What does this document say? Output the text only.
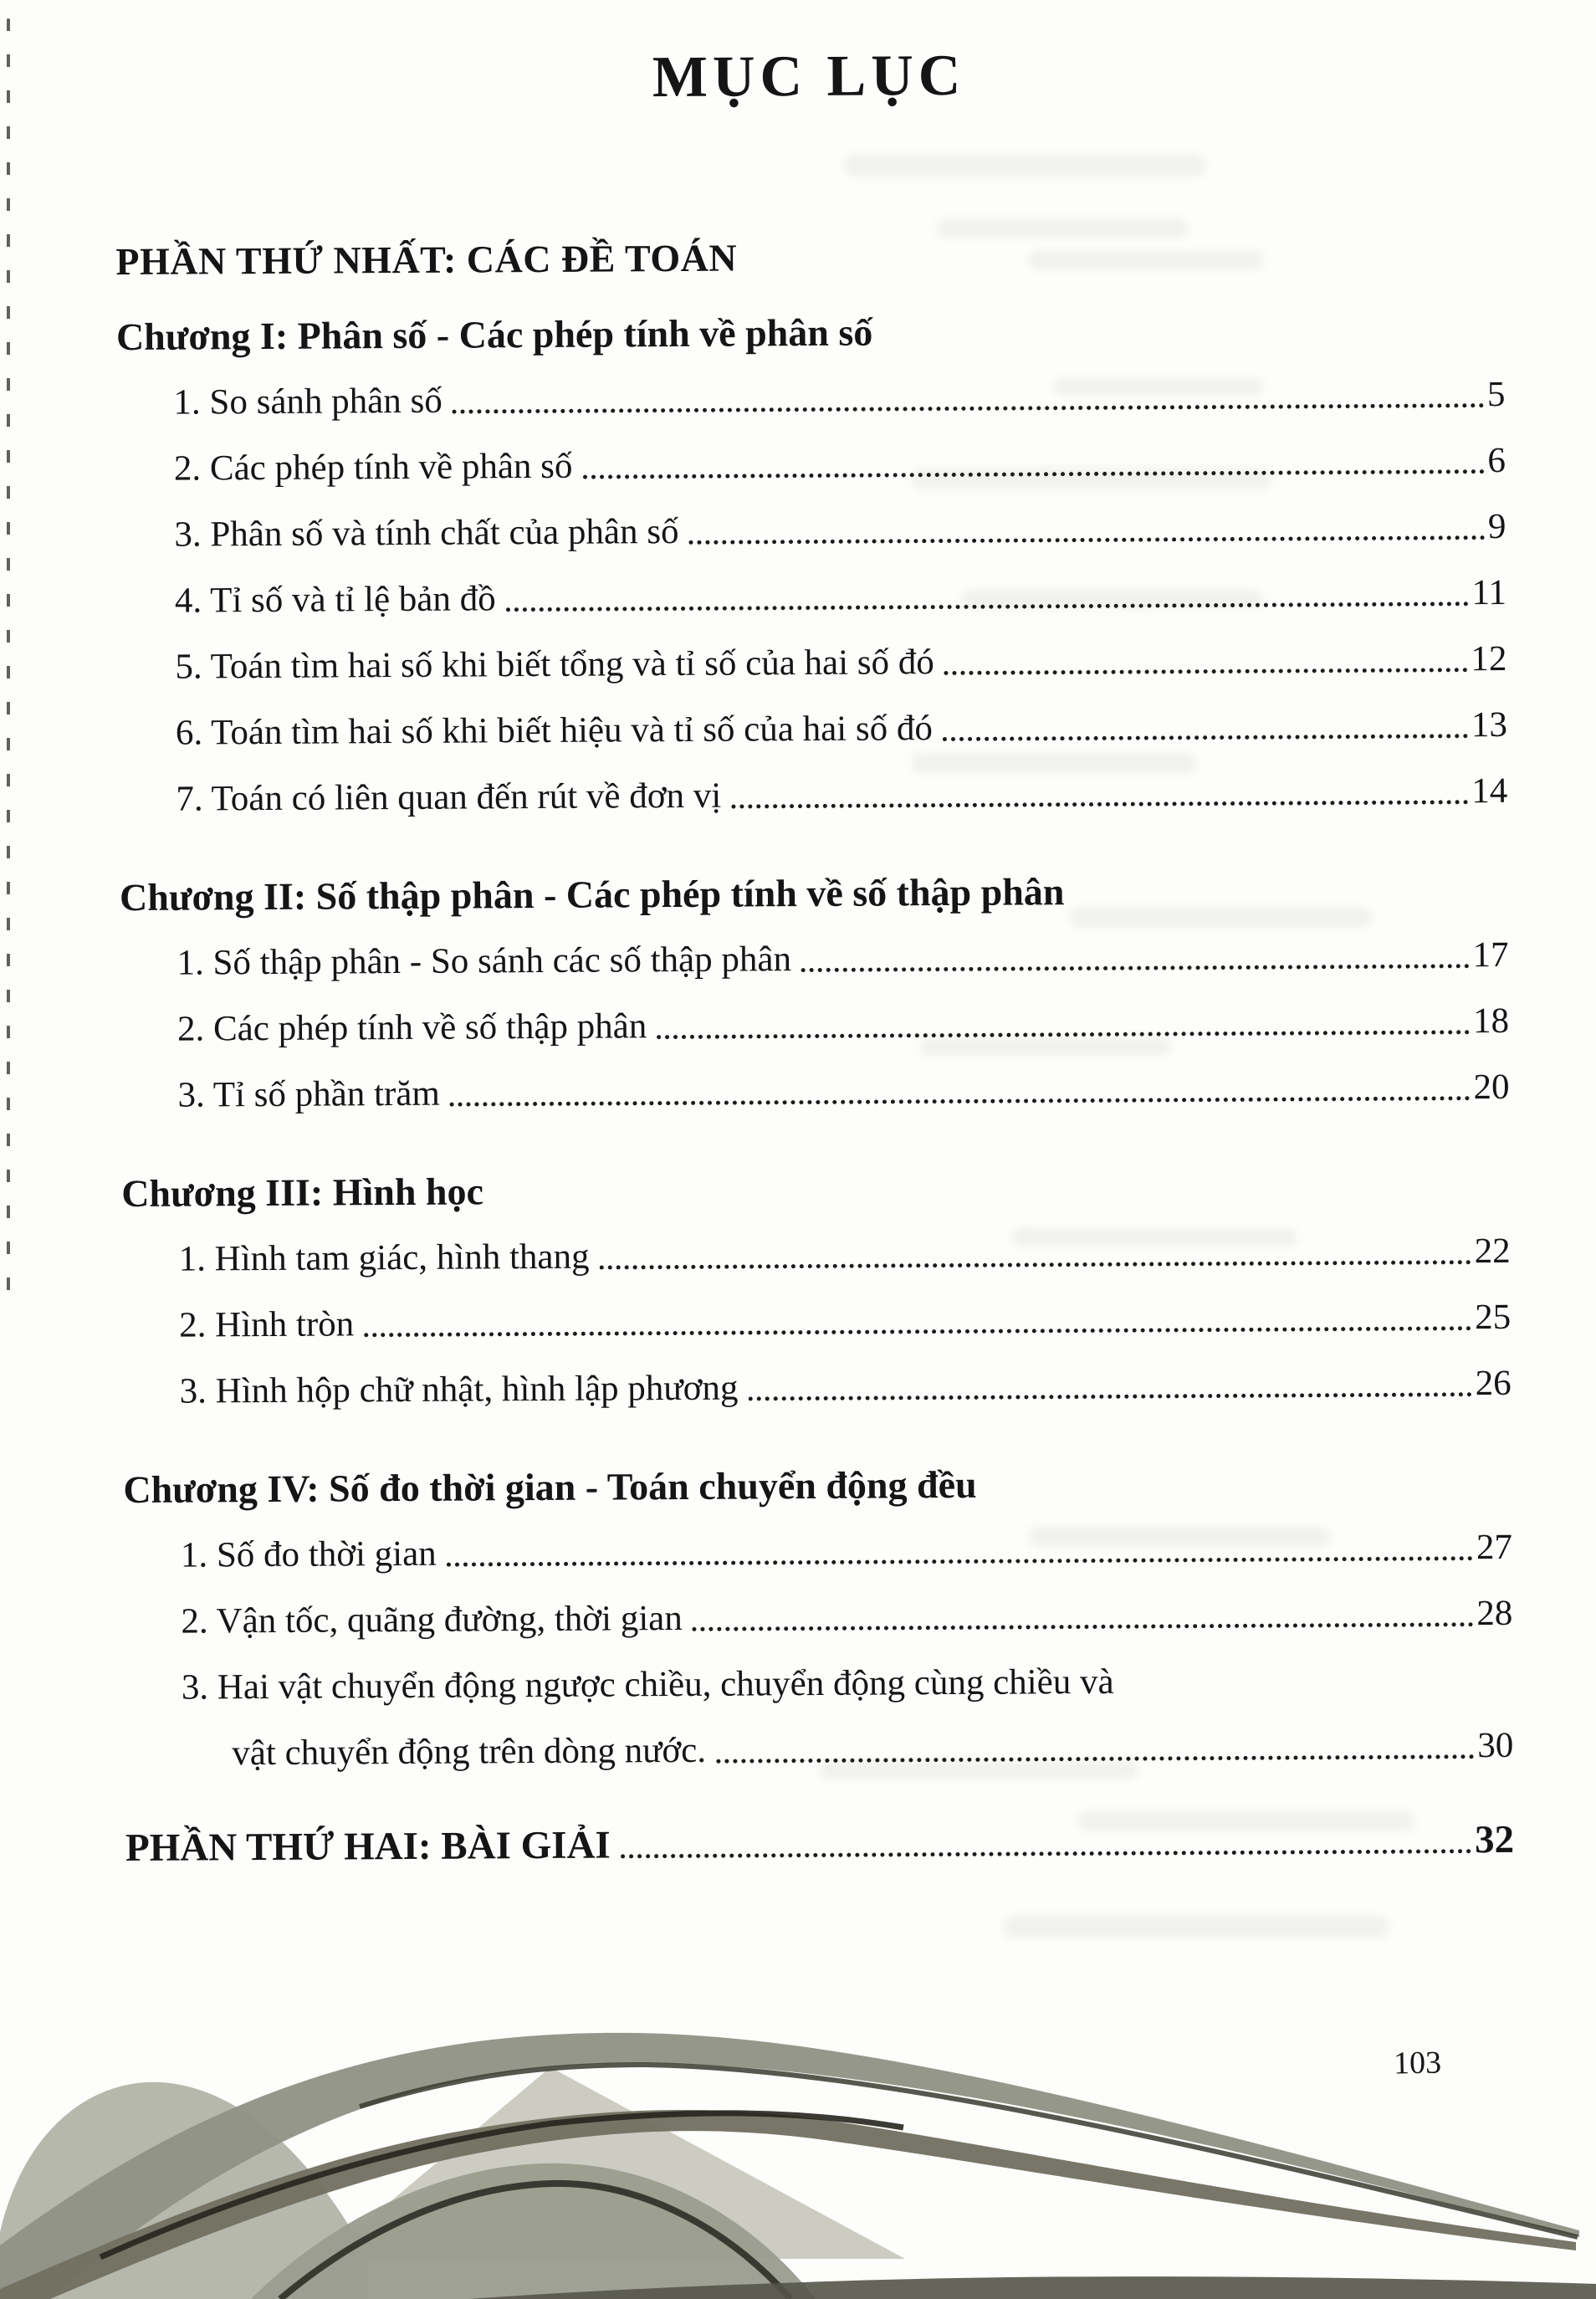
MỤC LỤC
PHẦN THỨ NHẤT: CÁC ĐỀ TOÁN
Chương I: Phân số - Các phép tính về phân số
1. So sánh phân số	5
2. Các phép tính về phân số	6
3. Phân số và tính chất của phân số	9
4. Tỉ số và tỉ lệ bản đồ	11
5. Toán tìm hai số khi biết tổng và tỉ số của hai số đó	12
6. Toán tìm hai số khi biết hiệu và tỉ số của hai số đó	13
7. Toán có liên quan đến rút về đơn vị	14
Chương II: Số thập phân - Các phép tính về số thập phân
1. Số thập phân - So sánh các số thập phân	17
2. Các phép tính về số thập phân	18
3. Tỉ số phần trăm	20
Chương III: Hình học
1. Hình tam giác, hình thang	22
2. Hình tròn	25
3. Hình hộp chữ nhật, hình lập phương	26
Chương IV: Số đo thời gian - Toán chuyển động đều
1. Số đo thời gian	27
2. Vận tốc, quãng đường, thời gian	28
3. Hai vật chuyển động ngược chiều, chuyển động cùng chiều và
vật chuyển động trên dòng nước.	30
PHẦN THỨ HAI: BÀI GIẢI	32
103
